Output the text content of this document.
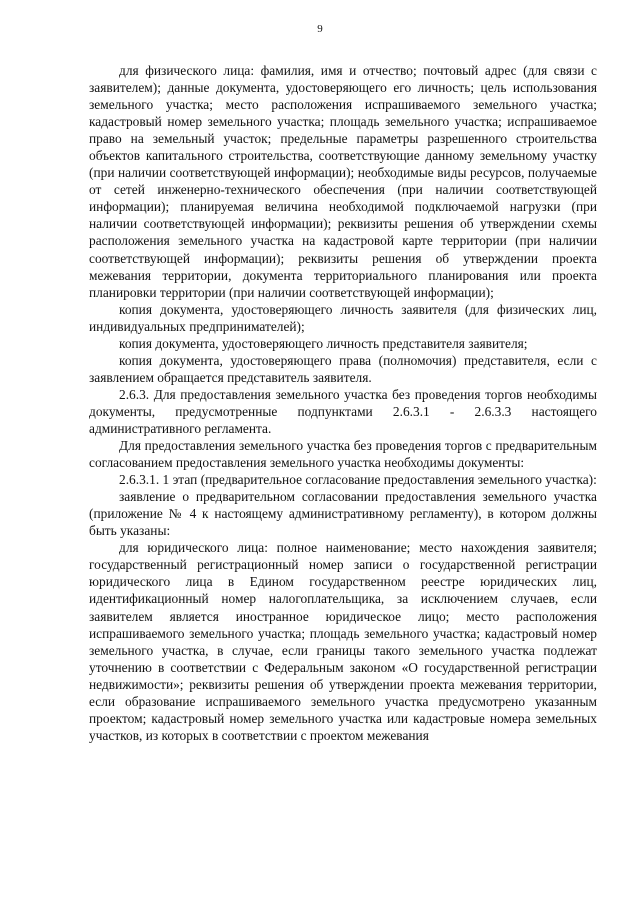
9

для физического лица: фамилия, имя и отчество; почтовый адрес (для связи с заявителем); данные документа, удостоверяющего его личность; цель использования земельного участка; место расположения испрашиваемого земельного участка; кадастровый номер земельного участка; площадь земельного участка; испрашиваемое право на земельный участок; предельные параметры разрешенного строительства объектов капитального строительства, соответствующие данному земельному участку (при наличии соответствующей информации); необходимые виды ресурсов, получаемые от сетей инженерно-технического обеспечения (при наличии соответствующей информации); планируемая величина необходимой подключаемой нагрузки (при наличии соответствующей информации); реквизиты решения об утверждении схемы расположения земельного участка на кадастровой карте территории (при наличии соответствующей информации); реквизиты решения об утверждении проекта межевания территории, документа территориального планирования или проекта планировки территории (при наличии соответствующей информации);

копия документа, удостоверяющего личность заявителя (для физических лиц, индивидуальных предпринимателей);

копия документа, удостоверяющего личность представителя заявителя;

копия документа, удостоверяющего права (полномочия) представителя, если с заявлением обращается представитель заявителя.

2.6.3. Для предоставления земельного участка без проведения торгов необходимы документы, предусмотренные подпунктами 2.6.3.1 - 2.6.3.3 настоящего административного регламента.

Для предоставления земельного участка без проведения торгов с предварительным согласованием предоставления земельного участка необходимы документы:

2.6.3.1. 1 этап (предварительное согласование предоставления земельного участка):

заявление о предварительном согласовании предоставления земельного участка (приложение № 4 к настоящему административному регламенту), в котором должны быть указаны:

для юридического лица: полное наименование; место нахождения заявителя; государственный регистрационный номер записи о государственной регистрации юридического лица в Едином государственном реестре юридических лиц, идентификационный номер налогоплательщика, за исключением случаев, если заявителем является иностранное юридическое лицо; место расположения испрашиваемого земельного участка; площадь земельного участка; кадастровый номер земельного участка, в случае, если границы такого земельного участка подлежат уточнению в соответствии с Федеральным законом «О государственной регистрации недвижимости»; реквизиты решения об утверждении проекта межевания территории, если образование испрашиваемого земельного участка предусмотрено указанным проектом; кадастровый номер земельного участка или кадастровые номера земельных участков, из которых в соответствии с проектом межевания
